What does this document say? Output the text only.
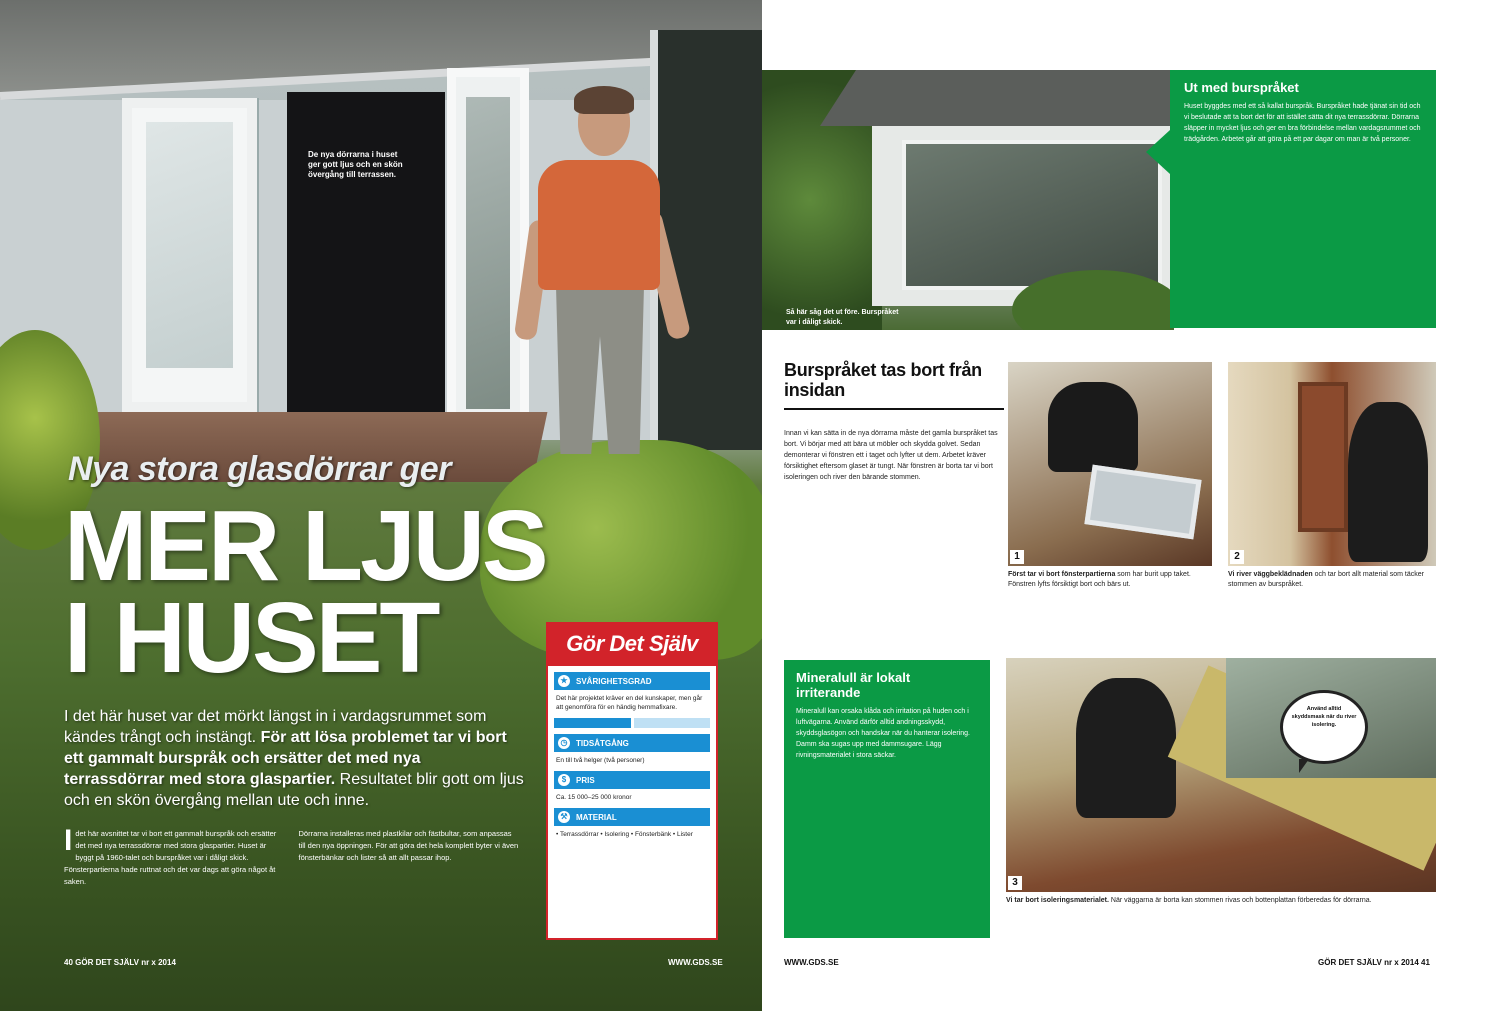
De nya dörrarna i huset ger gott ljus och en skön övergång till terrassen.
Nya stora glasdörrar ger
MER LJUS
I HUSET
I det här huset var det mörkt längst in i vardagsrummet som kändes trångt och instängt. För att lösa problemet tar vi bort ett gammalt burspråk och ersätter det med nya terrassdörrar med stora glaspartier. Resultatet blir gott om ljus och en skön övergång mellan ute och inne.
I det här avsnittet tar vi bort ett gammalt burspråk och ersätter det med nya terrassdörrar med stora glaspartier. Huset är byggt på 1960-talet och burspråket var i dåligt skick. Fönsterpartierna hade ruttnat och det var dags att göra något åt saken.
Dörrarna installeras med plastkilar och fästbultar, som anpassas till den nya öppningen. För att göra det hela komplett byter vi även fönsterbänkar och lister så att allt passar ihop.
40 GÖR DET SJÄLV nr x 2014	WWW.GDS.SE
Gör Det Själv
★	SVÅRIGHETSGRAD
Det här projektet kräver en del kunskaper, men går att genomföra för en händig hemmafixare.
◷	TIDSÅTGÅNG
En till två helger (två personer)
$	PRIS
Ca. 15 000–25 000 kronor
⚒	MATERIAL
• Terrassdörrar • Isolering • Fönsterbänk • Lister
Så här såg det ut före. Burspråket var i dåligt skick.
Ut med burspråket
Huset byggdes med ett så kallat burspråk. Burspråket hade tjänat sin tid och vi beslutade att ta bort det för att istället sätta dit nya terrassdörrar. Dörrarna släpper in mycket ljus och ger en bra förbindelse mellan vardagsrummet och trädgården. Arbetet går att göra på ett par dagar om man är två personer.
Burspråket tas bort från insidan
Innan vi kan sätta in de nya dörrarna måste det gamla burspråket tas bort. Vi börjar med att bära ut möbler och skydda golvet. Sedan demonterar vi fönstren ett i taget och lyfter ut dem. Arbetet kräver försiktighet eftersom glaset är tungt. När fönstren är borta tar vi bort isoleringen och river den bärande stommen.
1
Först tar vi bort fönsterpartierna som har burit upp taket. Fönstren lyfts försiktigt bort och bärs ut.
2
Vi river väggbeklädnaden och tar bort allt material som täcker stommen av burspråket.
Mineralull är lokalt irriterande
Mineralull kan orsaka klåda och irritation på huden och i luftvägarna. Använd därför alltid andningsskydd, skyddsglasögon och handskar när du hanterar isolering. Damm ska sugas upp med dammsugare. Lägg rivningsmaterialet i stora säckar.
3
Vi tar bort isoleringsmaterialet. När väggarna är borta kan stommen rivas och bottenplattan förberedas för dörrarna.
Använd alltid skyddsmask när du river isolering.
WWW.GDS.SE	GÖR DET SJÄLV nr x 2014 41
